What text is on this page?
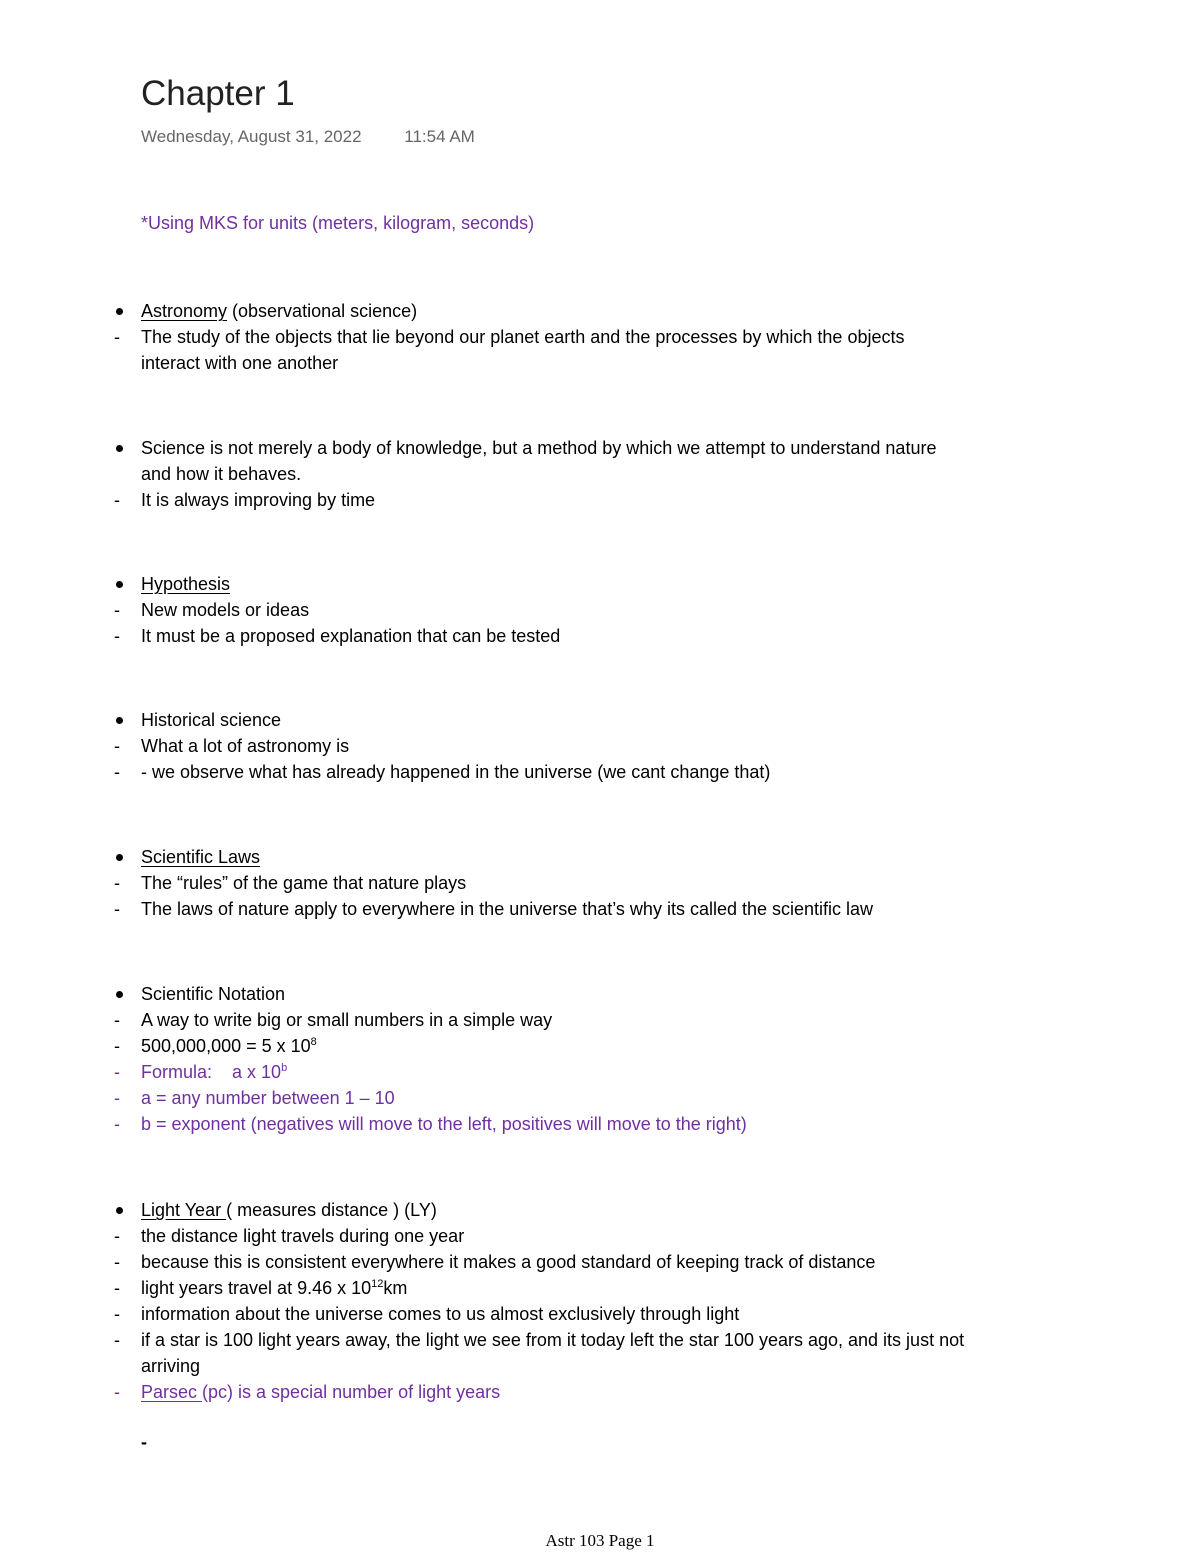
Chapter 1
Wednesday, August 31, 2022	11:54 AM
*Using MKS for units (meters, kilogram, seconds)
Astronomy (observational science)
-	The study of the objects that lie beyond our planet earth and the processes by which the objects
interact with one another
Science is not merely a body of knowledge, but a method by which we attempt to understand nature
and how it behaves.
-	It is always improving by time
Hypothesis
-	New models or ideas
-	It must be a proposed explanation that can be tested
Historical science
-	What a lot of astronomy is
-	- we observe what has already happened in the universe (we cant change that)
Scientific Laws
-	The “rules” of the game that nature plays
-	The laws of nature apply to everywhere in the universe that’s why its called the scientific law
Scientific Notation
-	A way to write big or small numbers in a simple way
-	500,000,000 = 5 x $10^8$
-	Formula:    a x 10$^b$
-	a = any number between 1 – 10
-	b = exponent (negatives will move to the left, positives will move to the right)
Light Year ( measures distance ) (LY)
-	the distance light travels during one year
-	because this is consistent everywhere it makes a good standard of keeping track of distance
-	light years travel at 9.46 x $10^{12}km$
-	information about the universe comes to us almost exclusively through light
-	if a star is 100 light years away, the light we see from it today left the star 100 years ago, and its just not
arriving
-	Parsec (pc) is a special number of light years
-
Astr 103 Page 1
